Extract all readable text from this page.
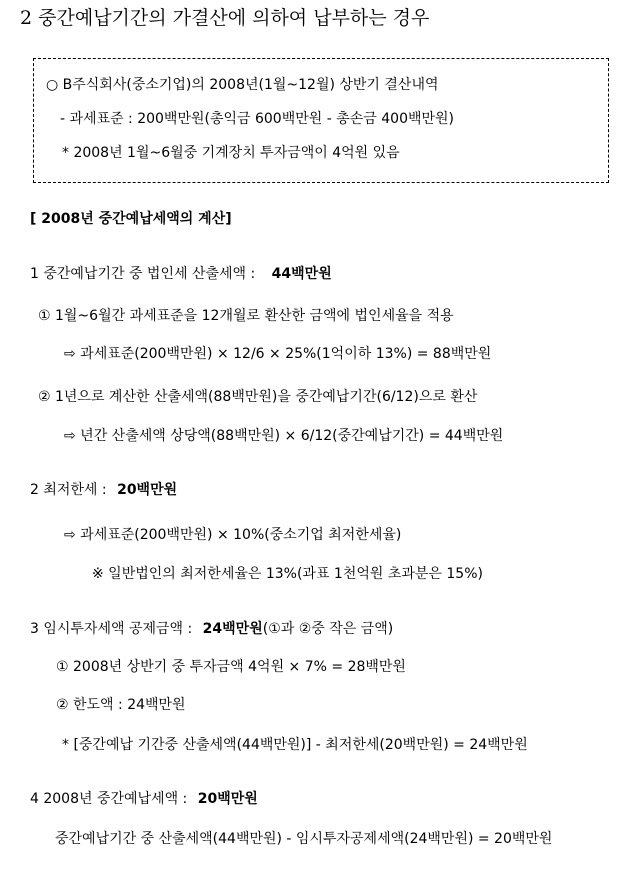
2 중간예납기간의 가결산에 의하여 납부하는 경우
○ B주식회사(중소기업)의 2008년(1월~12월) 상반기 결산내역
- 과세표준 : 200백만원(총익금 600백만원 - 총손금 400백만원)
* 2008년 1월~6월중 기계장치 투자금액이 4억원 있음
[ 2008년 중간예납세액의 계산]
1 중간예납기간 중 법인세 산출세액 : 44백만원
① 1월~6월간 과세표준을 12개월로 환산한 금액에 법인세율을 적용
⇨ 과세표준(200백만원) × 12/6 × 25%(1억이하 13%) = 88백만원
② 1년으로 계산한 산출세액(88백만원)을 중간예납기간(6/12)으로 환산
⇨ 년간 산출세액 상당액(88백만원) × 6/12(중간예납기간) = 44백만원
2 최저한세 : 20백만원
⇨ 과세표준(200백만원) × 10%(중소기업 최저한세율)
※ 일반법인의 최저한세율은 13%(과표 1천억원 초과분은 15%)
3 임시투자세액 공제금액 : 24백만원(①과 ②중 작은 금액)
① 2008년 상반기 중 투자금액 4억원 × 7% = 28백만원
② 한도액 : 24백만원
* [중간예납 기간중 산출세액(44백만원)] - 최저한세(20백만원) = 24백만원
4 2008년 중간예납세액 : 20백만원
중간예납기간 중 산출세액(44백만원) - 임시투자공제세액(24백만원) = 20백만원
